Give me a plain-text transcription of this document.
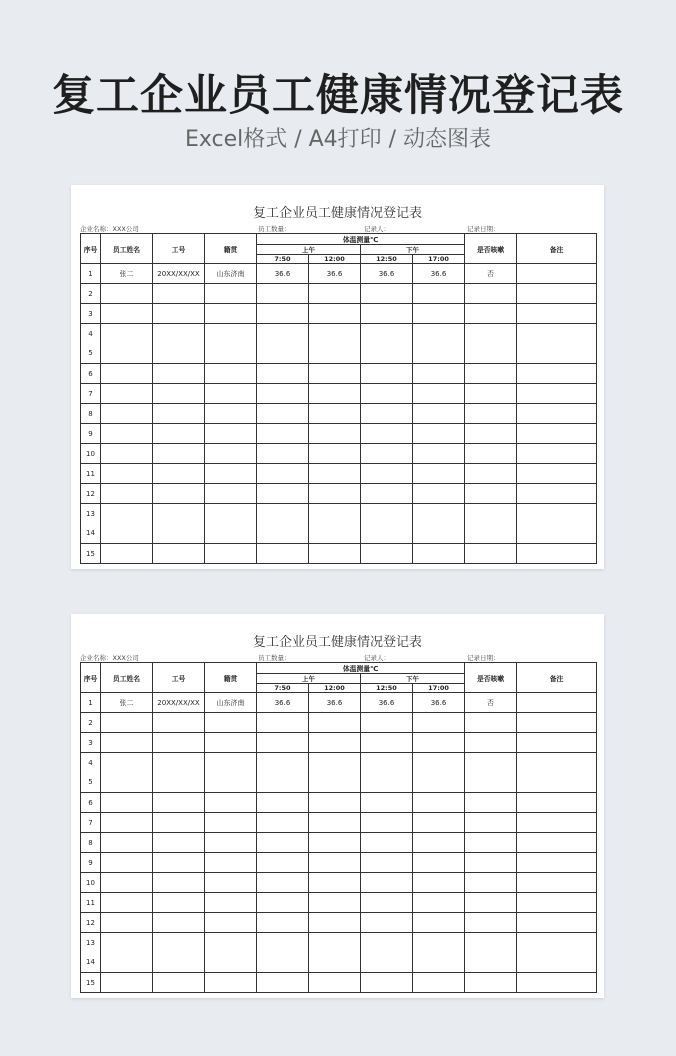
复工企业员工健康情况登记表
Excel格式 / A4打印 / 动态图表
复工企业员工健康情况登记表
企业名称：XXX公司	员工数量：	记录人：	记录日期：
序号	员工姓名	工号	籍贯	体温测量℃				是否咳嗽	备注
				上午		下午			
				7:50	12:00	12:50	17:00		
1	张二	20XX/XX/XX	山东济南	36.6	36.6	36.6	36.6	否	
2									
3									

4
5									

6									
7									
8									
9									
10									
11									
12									

13
14									

15									
复工企业员工健康情况登记表
企业名称：XXX公司	员工数量：	记录人：	记录日期：
序号	员工姓名	工号	籍贯	体温测量℃				是否咳嗽	备注
				上午		下午			
				7:50	12:00	12:50	17:00		
1	张二	20XX/XX/XX	山东济南	36.6	36.6	36.6	36.6	否	
2									
3									

4
5									

6									
7									
8									
9									
10									
11									
12									

13
14									

15									
